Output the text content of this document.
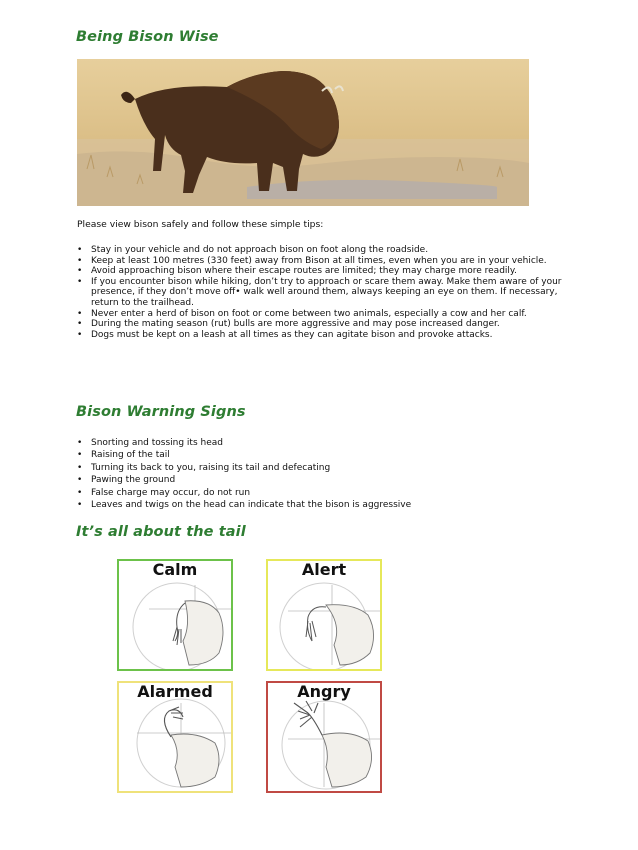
Being Bison Wise

Please view bison safely and follow these simple tips:

• Stay in your vehicle and do not approach bison on foot along the roadside.
• Keep at least 100 metres (330 feet) away from Bison at all times, even when you are in your vehicle.
• Avoid approaching bison where their escape routes are limited; they may charge more readily.
• If you encounter bison while hiking, don’t try to approach or scare them away. Make them aware of your presence, if they don’t move off• walk well around them, always keeping an eye on them. If necessary, return to the trailhead.
• Never enter a herd of bison on foot or come between two animals, especially a cow and her calf.
• During the mating season (rut) bulls are more aggressive and may pose increased danger.
• Dogs must be kept on a leash at all times as they can agitate bison and provoke attacks.
Bison Warning Signs
• Snorting and tossing its head
• Raising of the tail
• Turning its back to you, raising its tail and defecating
• Pawing the ground
• False charge may occur, do not run
• Leaves and twigs on the head can indicate that the bison is aggressive
It’s all about the tail
Calm	Alert
Alarmed	Angry
